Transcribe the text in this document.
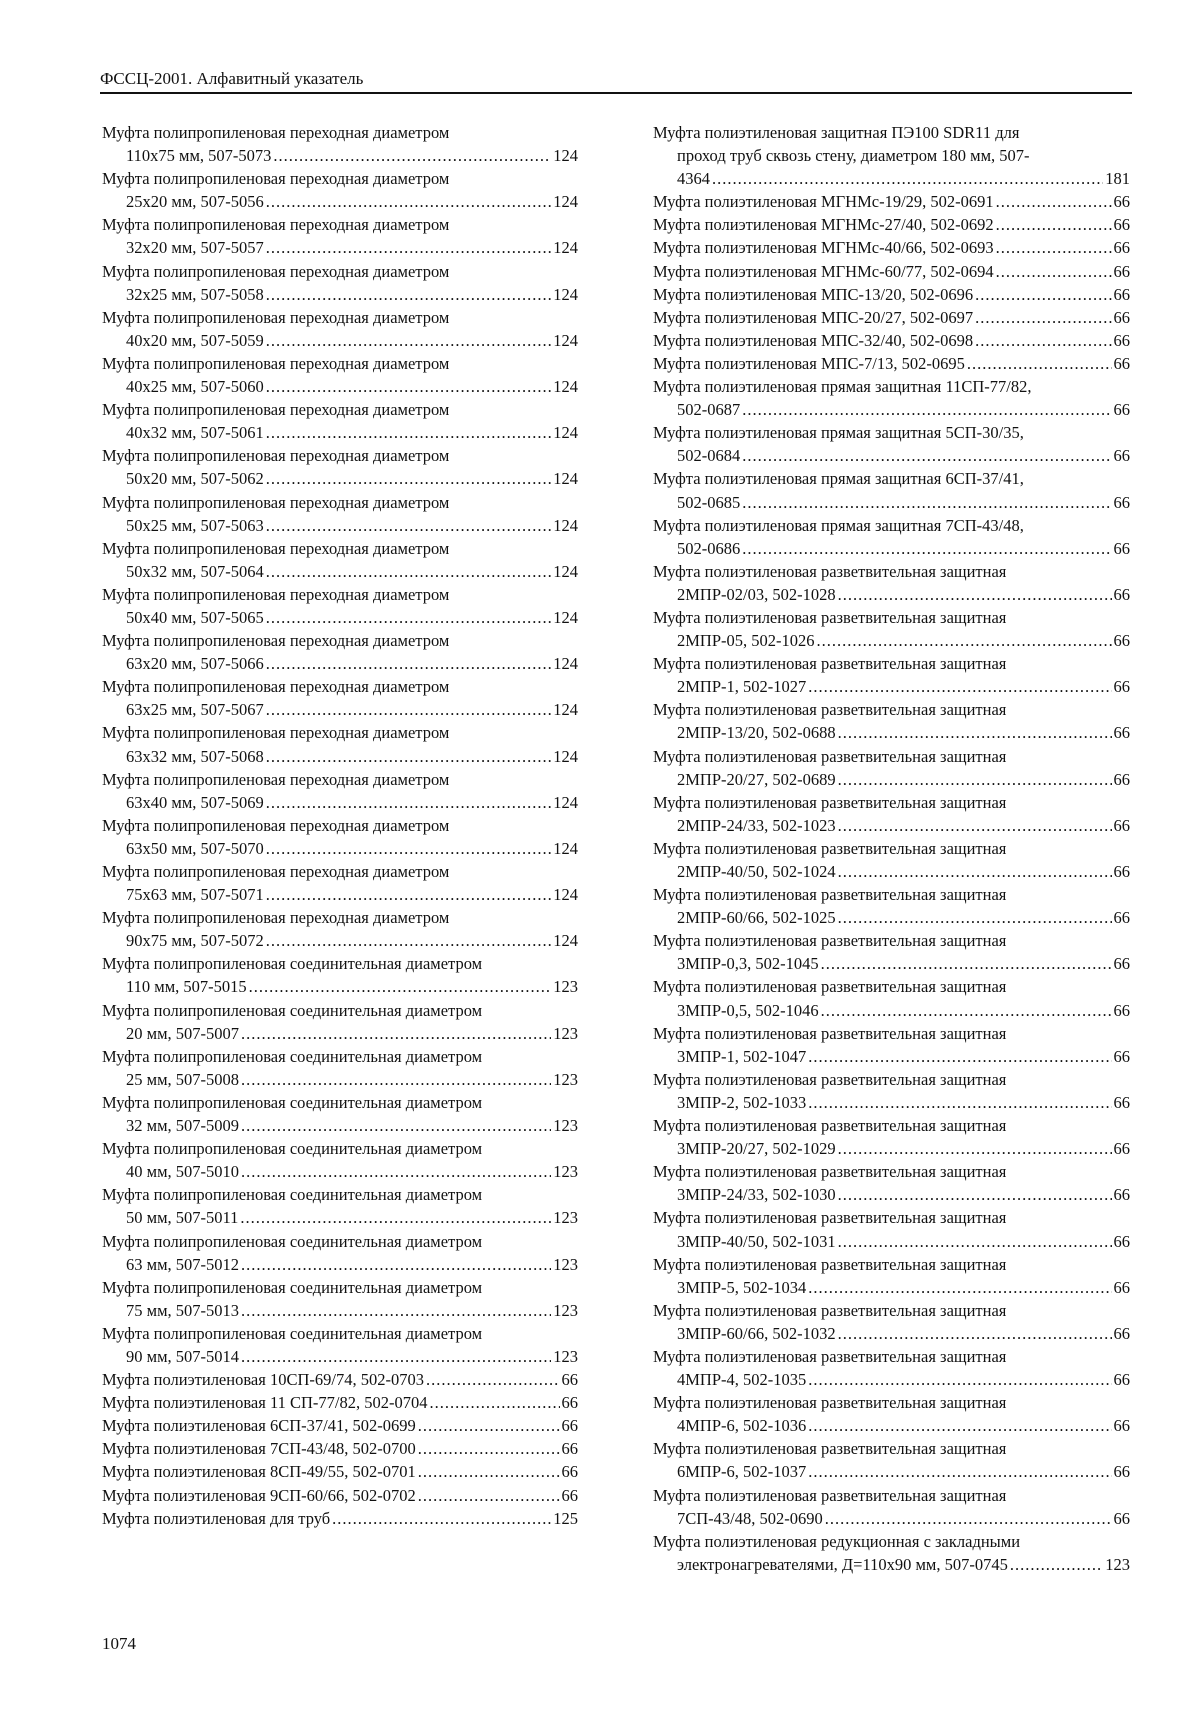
ФССЦ-2001. Алфавитный указатель
Муфта полипропиленовая переходная диаметром
110x75 мм, 507-5073 .....	124
Муфта полипропиленовая переходная диаметром
25x20 мм, 507-5056 .....	124
Муфта полипропиленовая переходная диаметром
32x20 мм, 507-5057 .....	124
Муфта полипропиленовая переходная диаметром
32x25 мм, 507-5058 .....	124
Муфта полипропиленовая переходная диаметром
40x20 мм, 507-5059 .....	124
Муфта полипропиленовая переходная диаметром
40x25 мм, 507-5060 .....	124
Муфта полипропиленовая переходная диаметром
40x32 мм, 507-5061 .....	124
Муфта полипропиленовая переходная диаметром
50x20 мм, 507-5062 .....	124
Муфта полипропиленовая переходная диаметром
50x25 мм, 507-5063 .....	124
Муфта полипропиленовая переходная диаметром
50x32 мм, 507-5064 .....	124
Муфта полипропиленовая переходная диаметром
50x40 мм, 507-5065 .....	124
Муфта полипропиленовая переходная диаметром
63x20 мм, 507-5066 .....	124
Муфта полипропиленовая переходная диаметром
63x25 мм, 507-5067 .....	124
Муфта полипропиленовая переходная диаметром
63x32 мм, 507-5068 .....	124
Муфта полипропиленовая переходная диаметром
63x40 мм, 507-5069 .....	124
Муфта полипропиленовая переходная диаметром
63x50 мм, 507-5070 .....	124
Муфта полипропиленовая переходная диаметром
75x63 мм, 507-5071 .....	124
Муфта полипропиленовая переходная диаметром
90x75 мм, 507-5072 .....	124
Муфта полипропиленовая соединительная диаметром
110 мм, 507-5015 .....	123
Муфта полипропиленовая соединительная диаметром
20 мм, 507-5007 .....	123
Муфта полипропиленовая соединительная диаметром
25 мм, 507-5008 .....	123
Муфта полипропиленовая соединительная диаметром
32 мм, 507-5009 .....	123
Муфта полипропиленовая соединительная диаметром
40 мм, 507-5010 .....	123
Муфта полипропиленовая соединительная диаметром
50 мм, 507-5011 .....	123
Муфта полипропиленовая соединительная диаметром
63 мм, 507-5012 .....	123
Муфта полипропиленовая соединительная диаметром
75 мм, 507-5013 .....	123
Муфта полипропиленовая соединительная диаметром
90 мм, 507-5014 .....	123
Муфта полиэтиленовая 10СП-69/74, 502-0703 .....	66
Муфта полиэтиленовая 11 СП-77/82, 502-0704 .....	66
Муфта полиэтиленовая 6СП-37/41, 502-0699 .....	66
Муфта полиэтиленовая 7СП-43/48, 502-0700 .....	66
Муфта полиэтиленовая 8СП-49/55, 502-0701 .....	66
Муфта полиэтиленовая 9СП-60/66, 502-0702 .....	66
Муфта полиэтиленовая для труб .....	125
Муфта полиэтиленовая защитная ПЭ100 SDR11 для
проход труб сквозь стену, диаметром 180 мм, 507-
4364 .....	181
Муфта полиэтиленовая МГНМс-19/29, 502-0691 .....	66
Муфта полиэтиленовая МГНМс-27/40, 502-0692 .....	66
Муфта полиэтиленовая МГНМс-40/66, 502-0693 .....	66
Муфта полиэтиленовая МГНМс-60/77, 502-0694 .....	66
Муфта полиэтиленовая МПС-13/20, 502-0696 .....	66
Муфта полиэтиленовая МПС-20/27, 502-0697 .....	66
Муфта полиэтиленовая МПС-32/40, 502-0698 .....	66
Муфта полиэтиленовая МПС-7/13, 502-0695 .....	66
Муфта полиэтиленовая прямая защитная 11СП-77/82,
502-0687 .....	66
Муфта полиэтиленовая прямая защитная 5СП-30/35,
502-0684 .....	66
Муфта полиэтиленовая прямая защитная 6СП-37/41,
502-0685 .....	66
Муфта полиэтиленовая прямая защитная 7СП-43/48,
502-0686 .....	66
Муфта полиэтиленовая разветвительная защитная
2МПР-02/03, 502-1028 .....	66
Муфта полиэтиленовая разветвительная защитная
2МПР-05, 502-1026 .....	66
Муфта полиэтиленовая разветвительная защитная
2МПР-1, 502-1027 .....	66
Муфта полиэтиленовая разветвительная защитная
2МПР-13/20, 502-0688 .....	66
Муфта полиэтиленовая разветвительная защитная
2МПР-20/27, 502-0689 .....	66
Муфта полиэтиленовая разветвительная защитная
2МПР-24/33, 502-1023 .....	66
Муфта полиэтиленовая разветвительная защитная
2МПР-40/50, 502-1024 .....	66
Муфта полиэтиленовая разветвительная защитная
2МПР-60/66, 502-1025 .....	66
Муфта полиэтиленовая разветвительная защитная
3МПР-0,3, 502-1045 .....	66
Муфта полиэтиленовая разветвительная защитная
3МПР-0,5, 502-1046 .....	66
Муфта полиэтиленовая разветвительная защитная
3МПР-1, 502-1047 .....	66
Муфта полиэтиленовая разветвительная защитная
3МПР-2, 502-1033 .....	66
Муфта полиэтиленовая разветвительная защитная
3МПР-20/27, 502-1029 .....	66
Муфта полиэтиленовая разветвительная защитная
3МПР-24/33, 502-1030 .....	66
Муфта полиэтиленовая разветвительная защитная
3МПР-40/50, 502-1031 .....	66
Муфта полиэтиленовая разветвительная защитная
3МПР-5, 502-1034 .....	66
Муфта полиэтиленовая разветвительная защитная
3МПР-60/66, 502-1032 .....	66
Муфта полиэтиленовая разветвительная защитная
4МПР-4, 502-1035 .....	66
Муфта полиэтиленовая разветвительная защитная
4МПР-6, 502-1036 .....	66
Муфта полиэтиленовая разветвительная защитная
6МПР-6, 502-1037 .....	66
Муфта полиэтиленовая разветвительная защитная
7СП-43/48, 502-0690 .....	66
Муфта полиэтиленовая редукционная с закладными
электронагревателями, Д=110x90 мм, 507-0745 .....	123
1074
